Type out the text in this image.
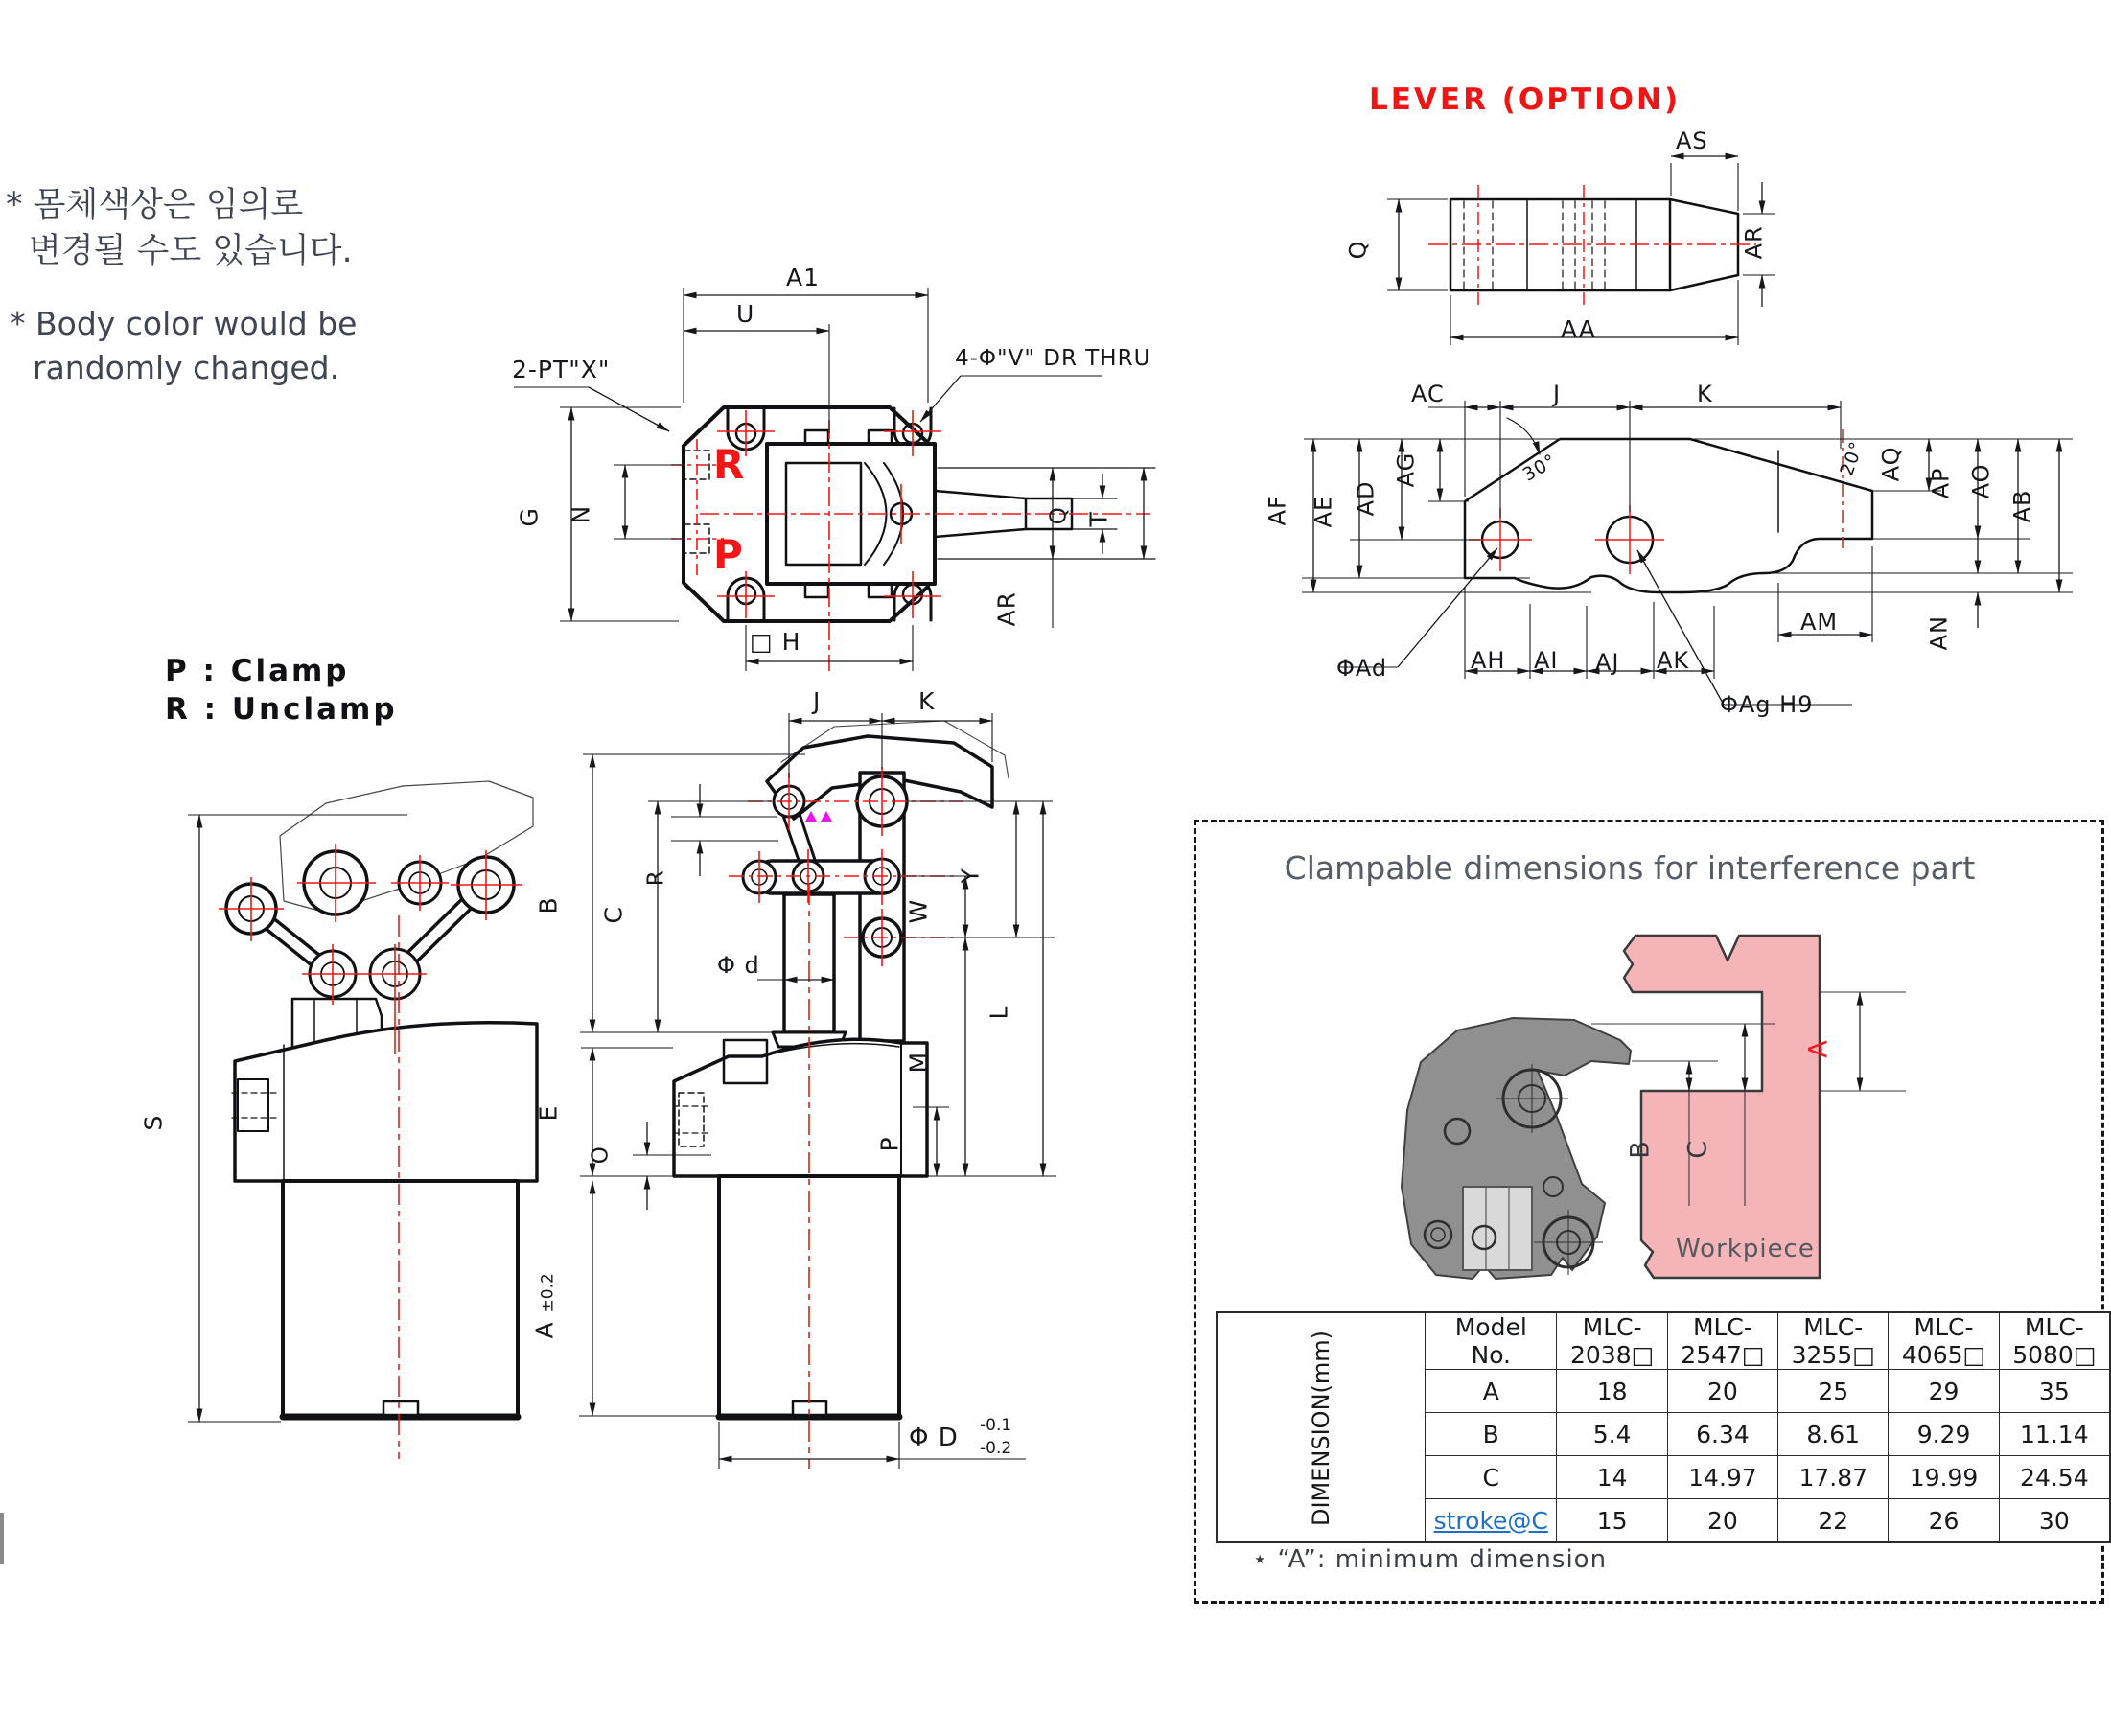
* 몸체색상은 임의로
변경될 수도 있습니다.
* Body color would be
randomly changed.
P : Clamp
R : Unclamp
A1
U
2-PT"X"	4-Φ"V" DR THRU
G N
R
P
□ H
Q T
AR
J	K
B
C
R
Φ d
E
O
A ±0.2
Y
W
L
M
P
Φ D -0.1
-0.2
S
LEVER (OPTION)
AS
Q	AR
AA
AC	J	K
AF AE AD
AG	30°	20° AQ
AP AO
AB
AM	AN
AH AI AJ AK
ΦAd
ΦAg H9
Clampable dimensions for interference part
A
B C
Workpiece
⋆ “A”: minimum dimension
DIMENSION(mm)	Model No.	MLC-2038□	MLC-2547□	MLC-3255□	MLC-4065□	MLC-5080□
	A	18	20	25	29	35
	B	5.4	6.34	8.61	9.29	11.14
	C	14	14.97	17.87	19.99	24.54
	stroke@C	15	20	22	26	30
